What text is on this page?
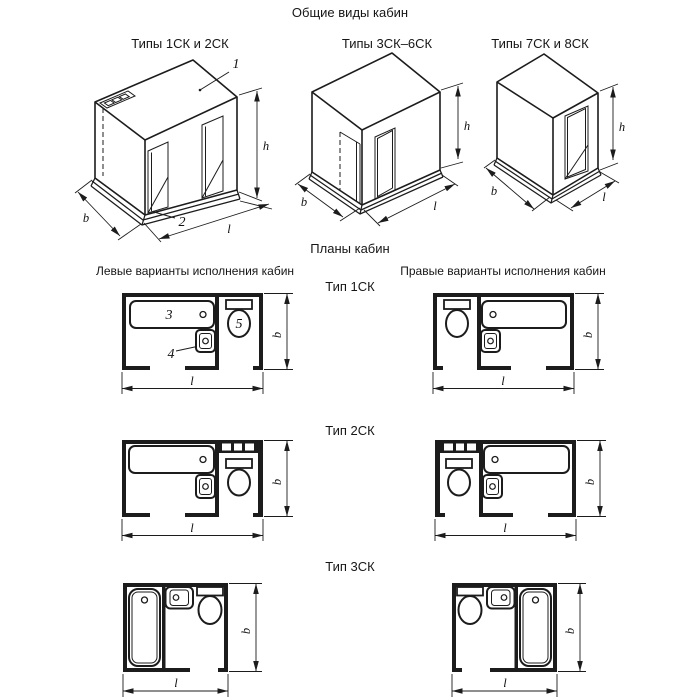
Общие виды кабин
Типы 1СК и 2СК	Типы 3СК–6СК	Типы 7СК и 8СК
Планы кабин
Левые варианты исполнения кабин	Правые варианты исполнения кабин
Тип 1СК
Тип 2СК
Тип 3СК
1
2
h
l
b
h
b	l
h
b	l
b
l
3
4
5
b
l
b
l
b
l
b
l
b
l
